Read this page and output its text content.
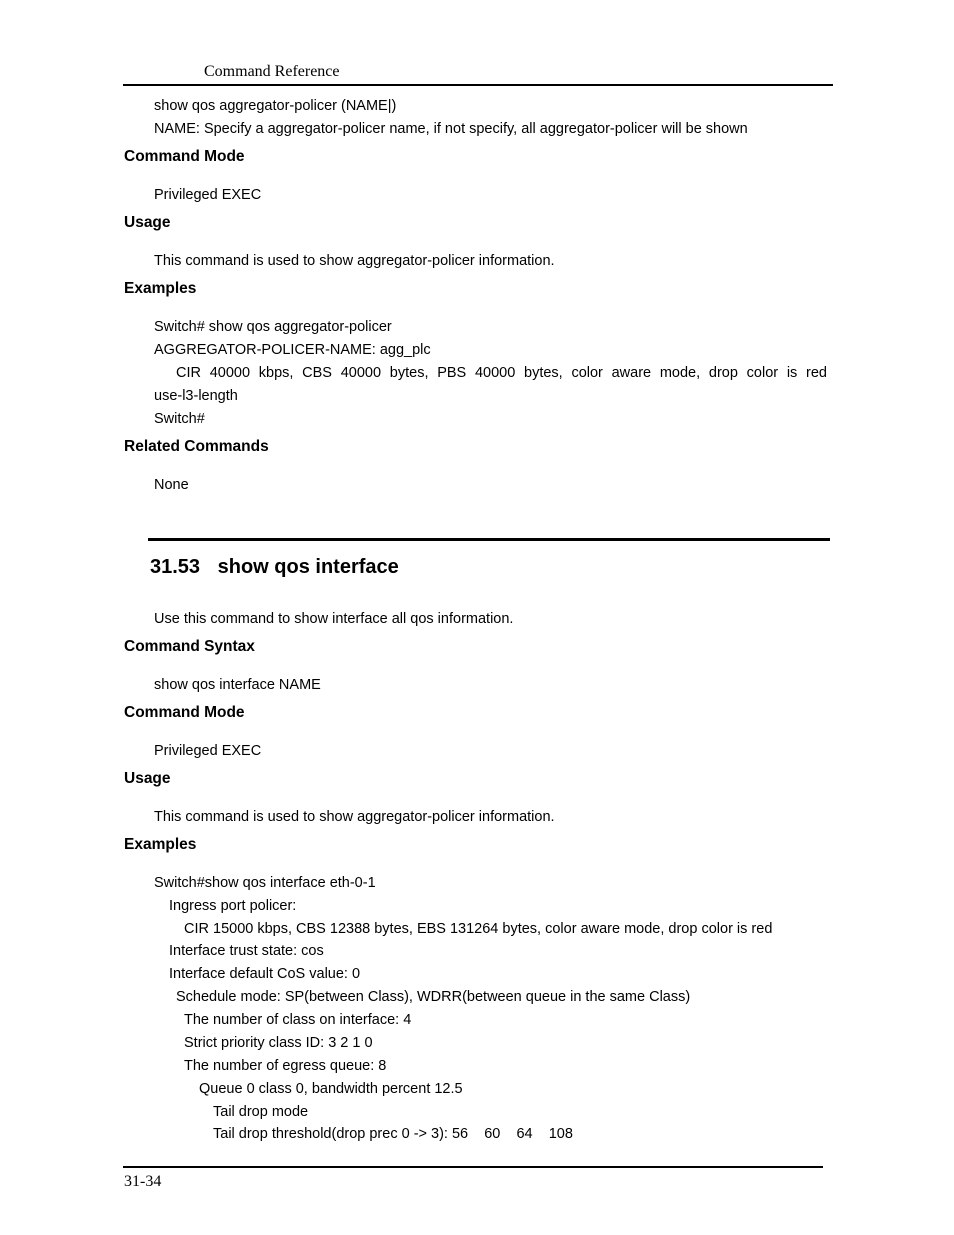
Command Reference
show qos aggregator-policer (NAME|)
NAME: Specify a aggregator-policer name, if not specify, all aggregator-policer will be shown
Command Mode
Privileged EXEC
Usage
This command is used to show aggregator-policer information.
Examples
Switch# show qos aggregator-policer
AGGREGATOR-POLICER-NAME: agg_plc
CIR 40000 kbps, CBS 40000 bytes, PBS 40000 bytes, color aware mode, drop color is red
use-l3-length
Switch#
Related Commands
None
31.53 show qos interface
Use this command to show interface all qos information.
Command Syntax
show qos interface NAME
Command Mode
Privileged EXEC
Usage
This command is used to show aggregator-policer information.
Examples
Switch#show qos interface eth-0-1
Ingress port policer:
CIR 15000 kbps, CBS 12388 bytes, EBS 131264 bytes, color aware mode, drop color is red
Interface trust state: cos
Interface default CoS value: 0
Schedule mode: SP(between Class), WDRR(between queue in the same Class)
The number of class on interface: 4
Strict priority class ID: 3 2 1 0
The number of egress queue: 8
Queue 0 class 0, bandwidth percent 12.5
Tail drop mode
Tail drop threshold(drop prec 0 -> 3): 56    60    64    108
31-34
